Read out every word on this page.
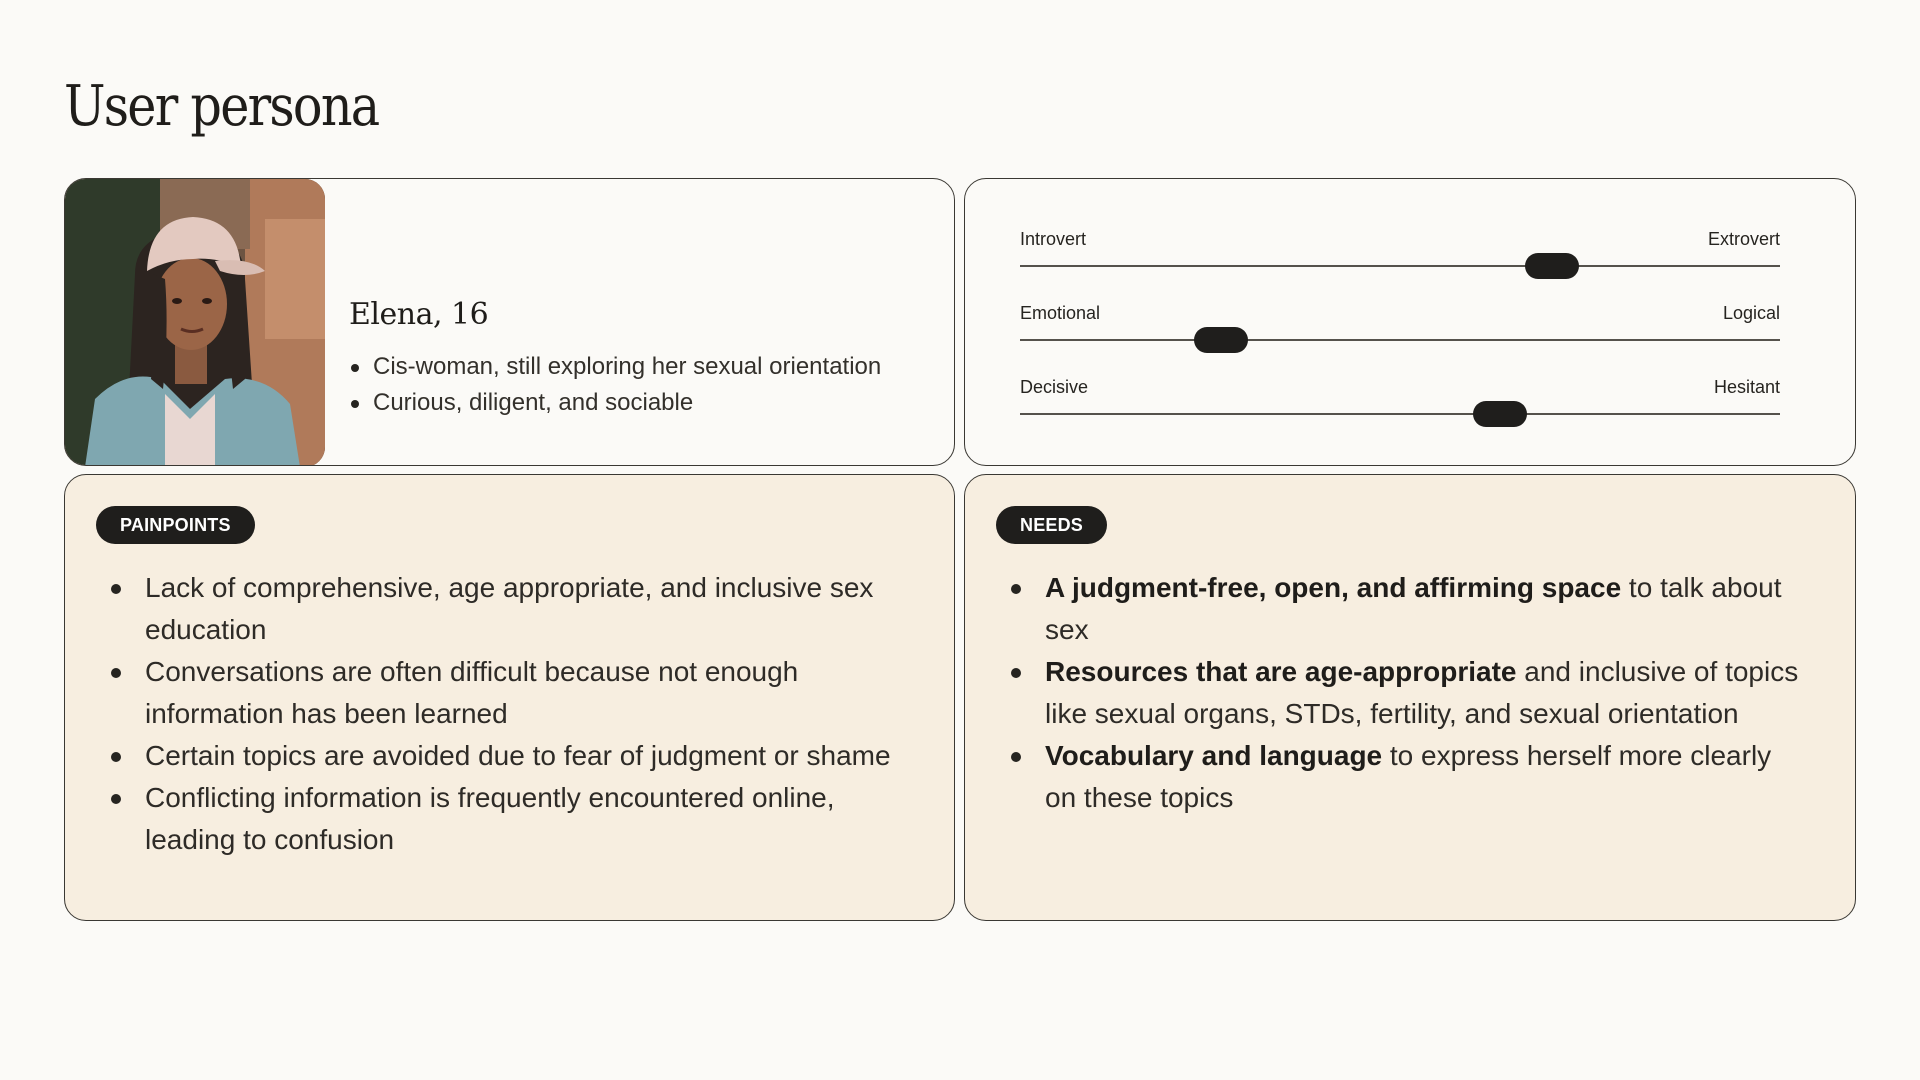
User persona
Elena, 16
Cis-woman, still exploring her sexual orientation
Curious, diligent, and sociable
Introvert	Extrovert
Emotional	Logical
Decisive	Hesitant
PAINPOINTS
Lack of comprehensive, age appropriate, and inclusive sex education
Conversations are often difficult because not enough information has been learned
Certain topics are avoided due to fear of judgment or shame
Conflicting information is frequently encountered online, leading to confusion
NEEDS
A judgment-free, open, and affirming space to talk about sex
Resources that are age-appropriate and inclusive of topics like sexual organs, STDs, fertility, and sexual orientation
Vocabulary and language to express herself more clearly on these topics
